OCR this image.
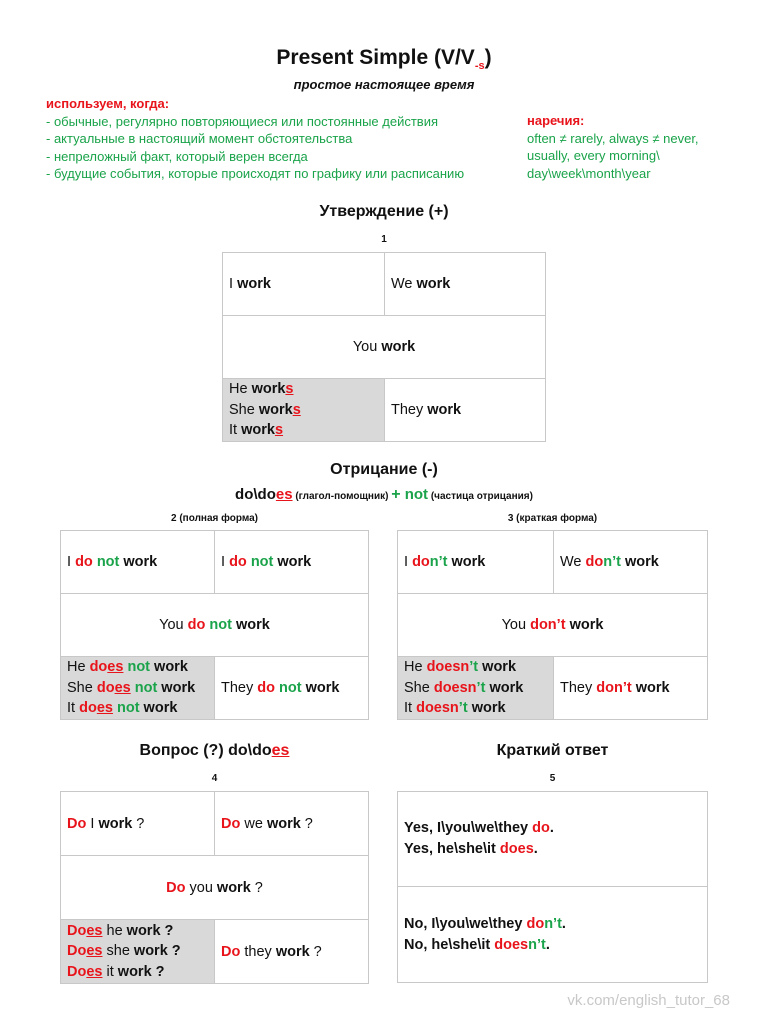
Present Simple $(V/V_{-s})$
простое настоящее время
используем, когда:
- обычные, регулярно повторяющиеся или постоянные действия
- актуальные в настоящий момент обстоятельства
- непреложный факт, который верен всегда
- будущие события, которые происходят по графику или расписанию
наречия:
often ≠ rarely, always ≠ never,
usually, every morning\
day\week\month\year
Утверждение (+)
1
I work	We work
You work	

He works
She works
It works	They work
Отрицание (-)
do\does (глагол-помощник) + not (частица отрицания)
2 (полная форма)	3 (краткая форма)
I do not work	I do not work
You do not work	

He does not work
She does not work
It does not work	They do not work
I don’t work	We don’t work
You don’t work	

He doesn’t work
She doesn’t work
It doesn’t work	They don’t work
Вопрос (?) do\does
4
Do I work ?	Do we work ?
Do you work ?	

Does he work ?
Does she work ?
Does it work ?	Do they work ?
Краткий ответ
5
Yes, I\you\we\they do.
Yes, he\she\it does.
No, I\you\we\they don’t.
No, he\she\it doesn’t.
vk.com/english_tutor_68
